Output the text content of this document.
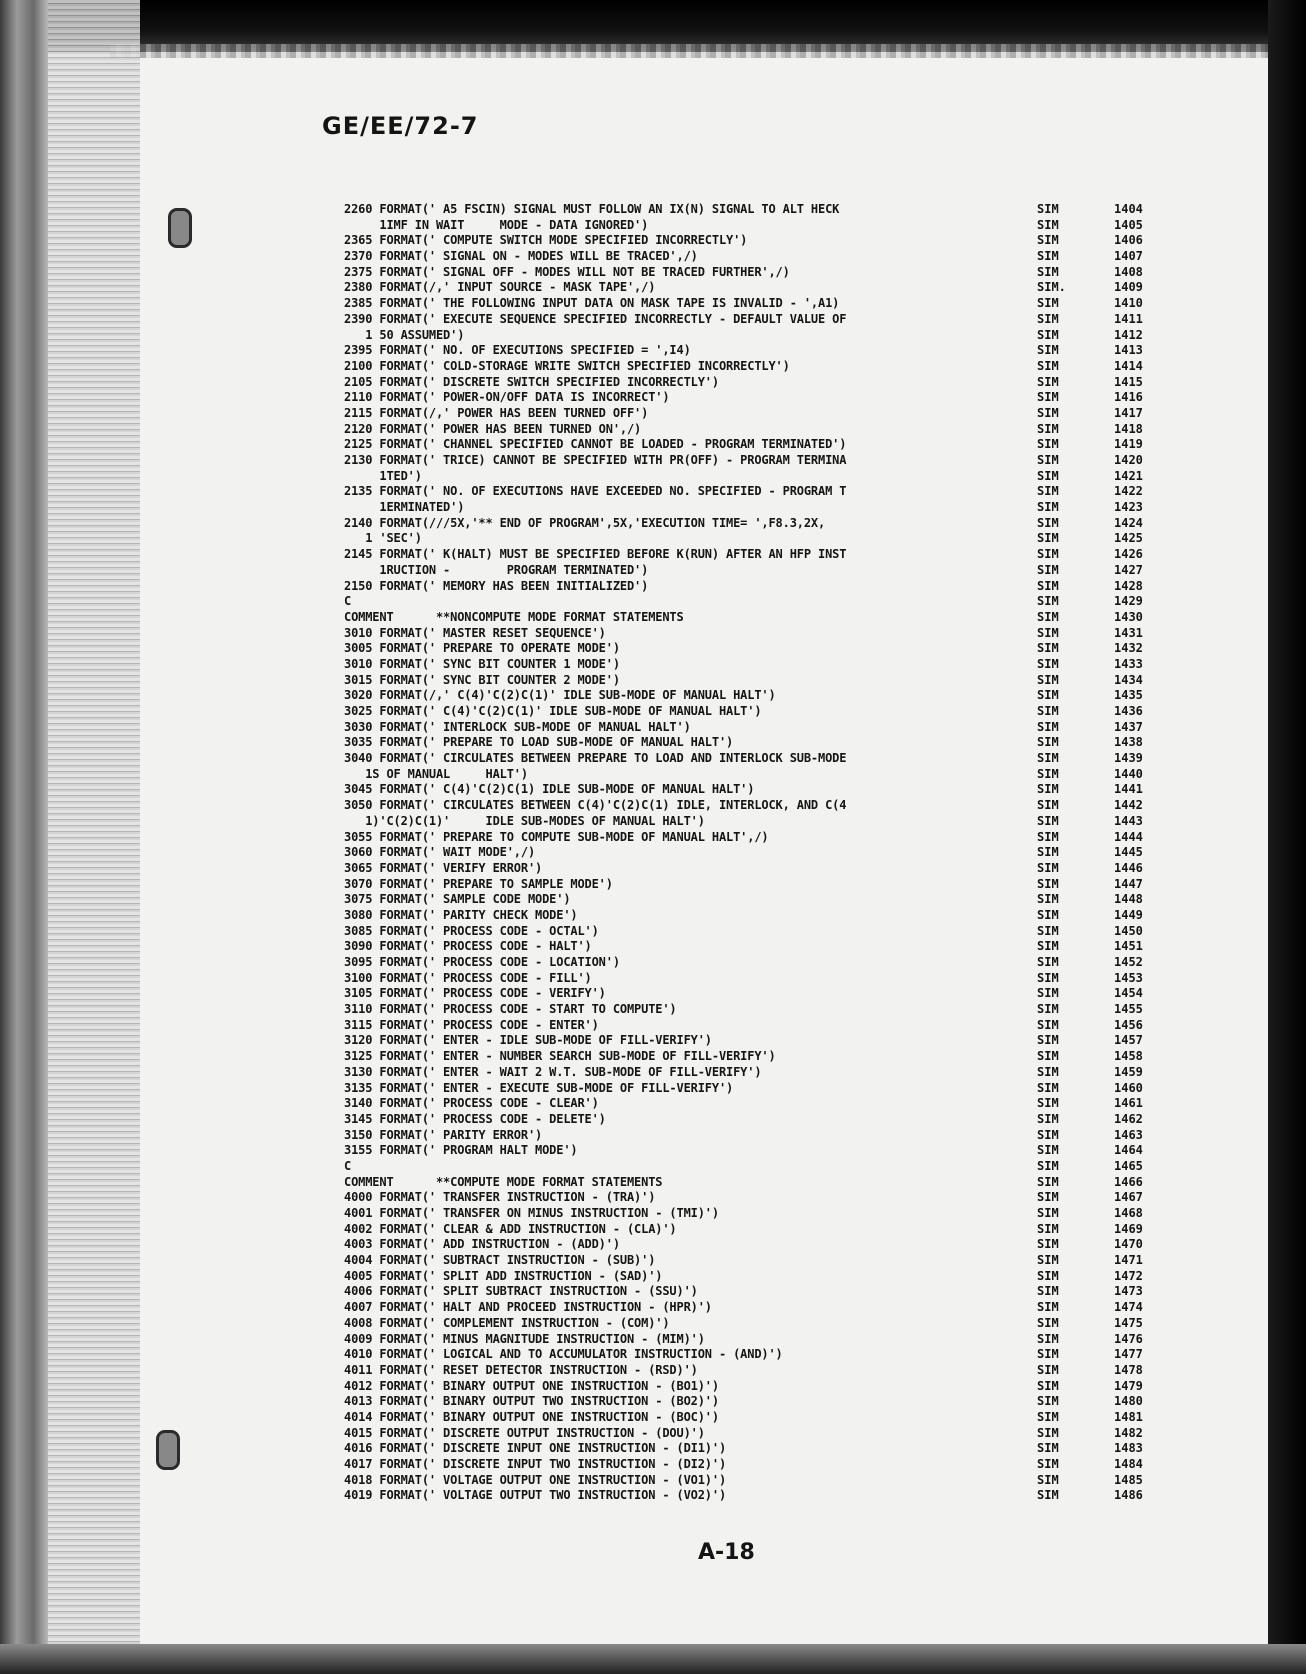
GE/EE/72-7
2260 FORMAT(' A5 FSCIN) SIGNAL MUST FOLLOW AN IX(N) SIGNAL TO ALT HECK	SIM	1404
1IMF IN WAIT     MODE - DATA IGNORED')	SIM	1405
2365 FORMAT(' COMPUTE SWITCH MODE SPECIFIED INCORRECTLY')	SIM	1406
2370 FORMAT(' SIGNAL ON - MODES WILL BE TRACED',/)	SIM	1407
2375 FORMAT(' SIGNAL OFF - MODES WILL NOT BE TRACED FURTHER',/)	SIM	1408
2380 FORMAT(/,' INPUT SOURCE - MASK TAPE',/)	SIM.	1409
2385 FORMAT(' THE FOLLOWING INPUT DATA ON MASK TAPE IS INVALID - ',A1)	SIM	1410
2390 FORMAT(' EXECUTE SEQUENCE SPECIFIED INCORRECTLY - DEFAULT VALUE OF	SIM	1411
1 50 ASSUMED')	SIM	1412
2395 FORMAT(' NO. OF EXECUTIONS SPECIFIED = ',I4)	SIM	1413
2100 FORMAT(' COLD-STORAGE WRITE SWITCH SPECIFIED INCORRECTLY')	SIM	1414
2105 FORMAT(' DISCRETE SWITCH SPECIFIED INCORRECTLY')	SIM	1415
2110 FORMAT(' POWER-ON/OFF DATA IS INCORRECT')	SIM	1416
2115 FORMAT(/,' POWER HAS BEEN TURNED OFF')	SIM	1417
2120 FORMAT(' POWER HAS BEEN TURNED ON',/)	SIM	1418
2125 FORMAT(' CHANNEL SPECIFIED CANNOT BE LOADED - PROGRAM TERMINATED')	SIM	1419
2130 FORMAT(' TRICE) CANNOT BE SPECIFIED WITH PR(OFF) - PROGRAM TERMINA	SIM	1420
1TED')	SIM	1421
2135 FORMAT(' NO. OF EXECUTIONS HAVE EXCEEDED NO. SPECIFIED - PROGRAM T	SIM	1422
1ERMINATED')	SIM	1423
2140 FORMAT(///5X,'** END OF PROGRAM',5X,'EXECUTION TIME= ',F8.3,2X,	SIM	1424
1 'SEC')	SIM	1425
2145 FORMAT(' K(HALT) MUST BE SPECIFIED BEFORE K(RUN) AFTER AN HFP INST	SIM	1426
1RUCTION -        PROGRAM TERMINATED')	SIM	1427
2150 FORMAT(' MEMORY HAS BEEN INITIALIZED')	SIM	1428
C	SIM	1429
COMMENT      **NONCOMPUTE MODE FORMAT STATEMENTS	SIM	1430
3010 FORMAT(' MASTER RESET SEQUENCE')	SIM	1431
3005 FORMAT(' PREPARE TO OPERATE MODE')	SIM	1432
3010 FORMAT(' SYNC BIT COUNTER 1 MODE')	SIM	1433
3015 FORMAT(' SYNC BIT COUNTER 2 MODE')	SIM	1434
3020 FORMAT(/,' C(4)'C(2)C(1)' IDLE SUB-MODE OF MANUAL HALT')	SIM	1435
3025 FORMAT(' C(4)'C(2)C(1)' IDLE SUB-MODE OF MANUAL HALT')	SIM	1436
3030 FORMAT(' INTERLOCK SUB-MODE OF MANUAL HALT')	SIM	1437
3035 FORMAT(' PREPARE TO LOAD SUB-MODE OF MANUAL HALT')	SIM	1438
3040 FORMAT(' CIRCULATES BETWEEN PREPARE TO LOAD AND INTERLOCK SUB-MODE	SIM	1439
1S OF MANUAL     HALT')	SIM	1440
3045 FORMAT(' C(4)'C(2)C(1) IDLE SUB-MODE OF MANUAL HALT')	SIM	1441
3050 FORMAT(' CIRCULATES BETWEEN C(4)'C(2)C(1) IDLE, INTERLOCK, AND C(4	SIM	1442
1)'C(2)C(1)'     IDLE SUB-MODES OF MANUAL HALT')	SIM	1443
3055 FORMAT(' PREPARE TO COMPUTE SUB-MODE OF MANUAL HALT',/)	SIM	1444
3060 FORMAT(' WAIT MODE',/)	SIM	1445
3065 FORMAT(' VERIFY ERROR')	SIM	1446
3070 FORMAT(' PREPARE TO SAMPLE MODE')	SIM	1447
3075 FORMAT(' SAMPLE CODE MODE')	SIM	1448
3080 FORMAT(' PARITY CHECK MODE')	SIM	1449
3085 FORMAT(' PROCESS CODE - OCTAL')	SIM	1450
3090 FORMAT(' PROCESS CODE - HALT')	SIM	1451
3095 FORMAT(' PROCESS CODE - LOCATION')	SIM	1452
3100 FORMAT(' PROCESS CODE - FILL')	SIM	1453
3105 FORMAT(' PROCESS CODE - VERIFY')	SIM	1454
3110 FORMAT(' PROCESS CODE - START TO COMPUTE')	SIM	1455
3115 FORMAT(' PROCESS CODE - ENTER')	SIM	1456
3120 FORMAT(' ENTER - IDLE SUB-MODE OF FILL-VERIFY')	SIM	1457
3125 FORMAT(' ENTER - NUMBER SEARCH SUB-MODE OF FILL-VERIFY')	SIM	1458
3130 FORMAT(' ENTER - WAIT 2 W.T. SUB-MODE OF FILL-VERIFY')	SIM	1459
3135 FORMAT(' ENTER - EXECUTE SUB-MODE OF FILL-VERIFY')	SIM	1460
3140 FORMAT(' PROCESS CODE - CLEAR')	SIM	1461
3145 FORMAT(' PROCESS CODE - DELETE')	SIM	1462
3150 FORMAT(' PARITY ERROR')	SIM	1463
3155 FORMAT(' PROGRAM HALT MODE')	SIM	1464
C	SIM	1465
COMMENT      **COMPUTE MODE FORMAT STATEMENTS	SIM	1466
4000 FORMAT(' TRANSFER INSTRUCTION - (TRA)')	SIM	1467
4001 FORMAT(' TRANSFER ON MINUS INSTRUCTION - (TMI)')	SIM	1468
4002 FORMAT(' CLEAR & ADD INSTRUCTION - (CLA)')	SIM	1469
4003 FORMAT(' ADD INSTRUCTION - (ADD)')	SIM	1470
4004 FORMAT(' SUBTRACT INSTRUCTION - (SUB)')	SIM	1471
4005 FORMAT(' SPLIT ADD INSTRUCTION - (SAD)')	SIM	1472
4006 FORMAT(' SPLIT SUBTRACT INSTRUCTION - (SSU)')	SIM	1473
4007 FORMAT(' HALT AND PROCEED INSTRUCTION - (HPR)')	SIM	1474
4008 FORMAT(' COMPLEMENT INSTRUCTION - (COM)')	SIM	1475
4009 FORMAT(' MINUS MAGNITUDE INSTRUCTION - (MIM)')	SIM	1476
4010 FORMAT(' LOGICAL AND TO ACCUMULATOR INSTRUCTION - (AND)')	SIM	1477
4011 FORMAT(' RESET DETECTOR INSTRUCTION - (RSD)')	SIM	1478
4012 FORMAT(' BINARY OUTPUT ONE INSTRUCTION - (BO1)')	SIM	1479
4013 FORMAT(' BINARY OUTPUT TWO INSTRUCTION - (BO2)')	SIM	1480
4014 FORMAT(' BINARY OUTPUT ONE INSTRUCTION - (BOC)')	SIM	1481
4015 FORMAT(' DISCRETE OUTPUT INSTRUCTION - (DOU)')	SIM	1482
4016 FORMAT(' DISCRETE INPUT ONE INSTRUCTION - (DI1)')	SIM	1483
4017 FORMAT(' DISCRETE INPUT TWO INSTRUCTION - (DI2)')	SIM	1484
4018 FORMAT(' VOLTAGE OUTPUT ONE INSTRUCTION - (VO1)')	SIM	1485
4019 FORMAT(' VOLTAGE OUTPUT TWO INSTRUCTION - (VO2)')	SIM	1486
A-18
